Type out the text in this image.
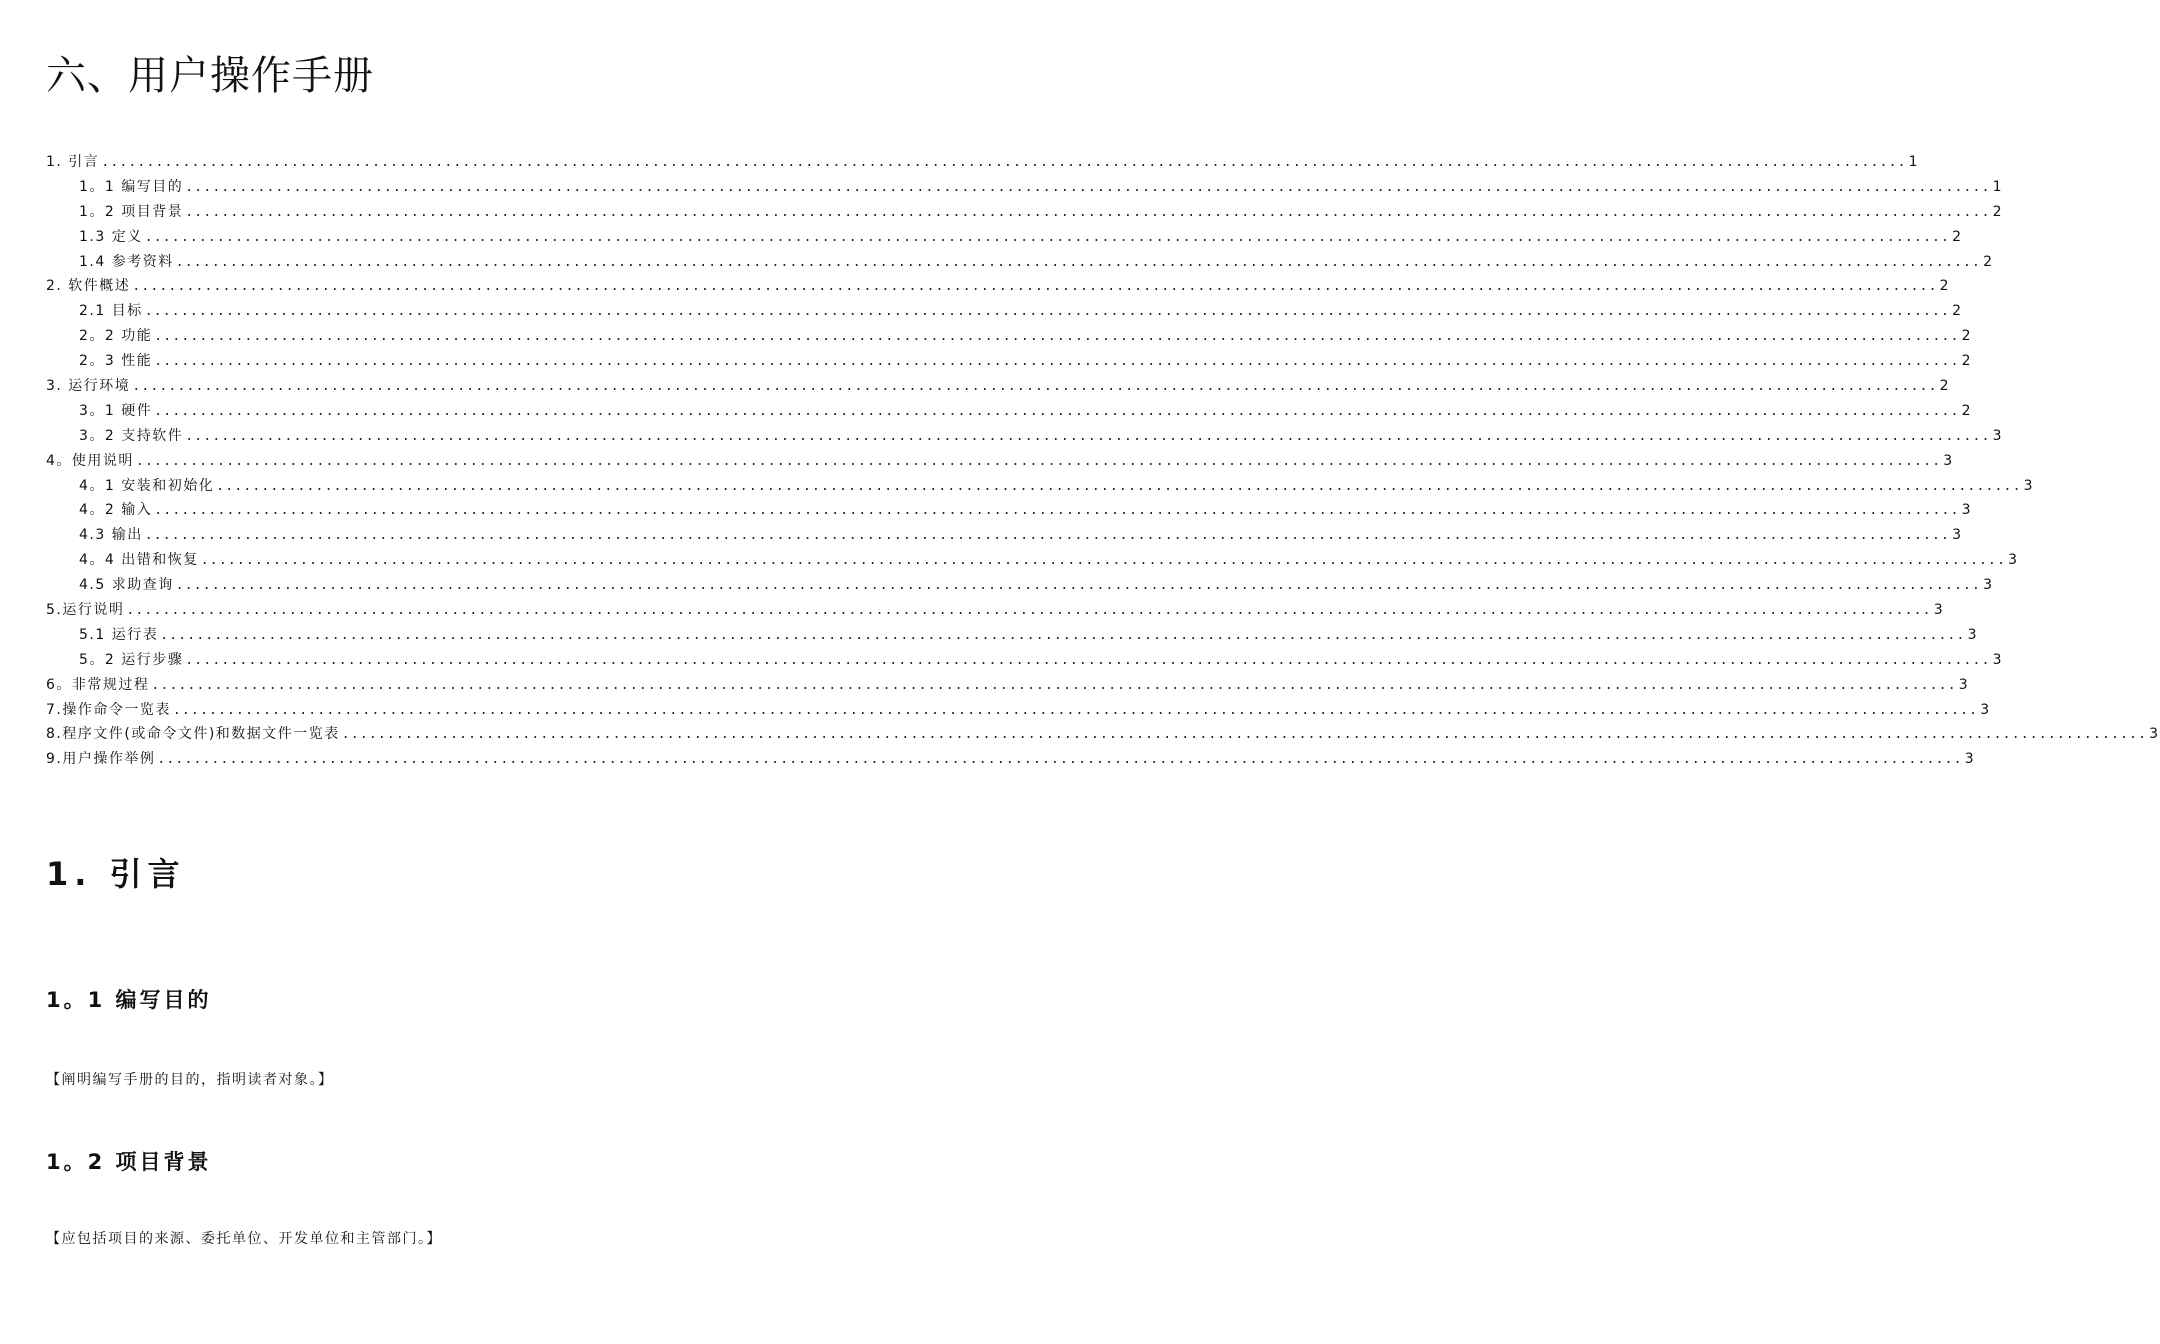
六、用户操作手册
1. 引言 ........................................................................................................................................................................................................ 1
1。1 编写目的 ........................................................................................................................................................................................................ 1
1。2 项目背景 ........................................................................................................................................................................................................ 2
1.3 定义 ........................................................................................................................................................................................................ 2
1.4 参考资料 ........................................................................................................................................................................................................ 2
2. 软件概述 ........................................................................................................................................................................................................ 2
2.1 目标 ........................................................................................................................................................................................................ 2
2。2 功能 ........................................................................................................................................................................................................ 2
2。3 性能 ........................................................................................................................................................................................................ 2
3. 运行环境 ........................................................................................................................................................................................................ 2
3。1 硬件 ........................................................................................................................................................................................................ 2
3。2 支持软件 ........................................................................................................................................................................................................ 3
4。使用说明 ........................................................................................................................................................................................................ 3
4。1 安装和初始化 ........................................................................................................................................................................................................ 3
4。2 输入 ........................................................................................................................................................................................................ 3
4.3 输出 ........................................................................................................................................................................................................ 3
4。4 出错和恢复 ........................................................................................................................................................................................................ 3
4.5 求助查询 ........................................................................................................................................................................................................ 3
5.运行说明 ........................................................................................................................................................................................................ 3
5.1 运行表 ........................................................................................................................................................................................................ 3
5。2 运行步骤 ........................................................................................................................................................................................................ 3
6。非常规过程 ........................................................................................................................................................................................................ 3
7.操作命令一览表 ........................................................................................................................................................................................................ 3
8.程序文件(或命令文件)和数据文件一览表 ........................................................................................................................................................................................................ 3
9.用户操作举例 ........................................................................................................................................................................................................ 3
1. 引言
1。1 编写目的
【阐明编写手册的目的，指明读者对象。】
1。2 项目背景
【应包括项目的来源、委托单位、开发单位和主管部门。】
